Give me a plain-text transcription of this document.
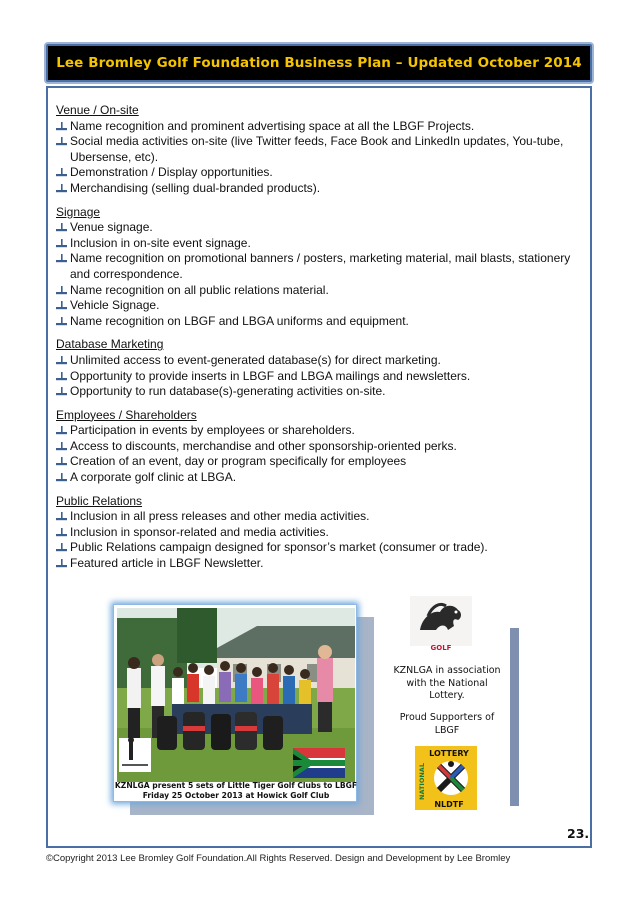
Lee Bromley Golf Foundation Business Plan – Updated October 2014
Venue / On-site
Name recognition and prominent advertising space at all the LBGF Projects.
Social media activities on-site (live Twitter feeds, Face Book and LinkedIn updates, You-tube, Ubersense, etc).
Demonstration / Display opportunities.
Merchandising (selling dual-branded products).
Signage
Venue signage.
Inclusion in on-site event signage.
Name recognition on promotional banners / posters, marketing material, mail blasts, stationery and correspondence.
Name recognition on all public relations material.
Vehicle Signage.
Name recognition on LBGF and LBGA uniforms and equipment.
Database Marketing
Unlimited access to event-generated database(s) for direct marketing.
Opportunity to provide inserts in LBGF and LBGA mailings and newsletters.
Opportunity to run database(s)-generating activities on-site.
Employees / Shareholders
Participation in events by employees or shareholders.
Access to discounts, merchandise and other sponsorship-oriented perks.
Creation of an event, day or program specifically for employees
A corporate golf clinic at LBGA.
Public Relations
Inclusion in all press releases and other media activities.
Inclusion in sponsor-related and media activities.
Public Relations campaign designed for sponsor’s market (consumer or trade).
Featured article in LBGF Newsletter.
KZNLGA present 5 sets of Little Tiger Golf Clubs to LBGF
Friday 25 October 2013 at Howick Golf Club
GOLF
KZNLGA in association
with the National
Lottery.
Proud Supporters of
LBGF
LOTTERY
NATIONAL
NLDTF
23.
©Copyright 2013 Lee Bromley Golf Foundation.All Rights Reserved. Design and Development by Lee Bromley
